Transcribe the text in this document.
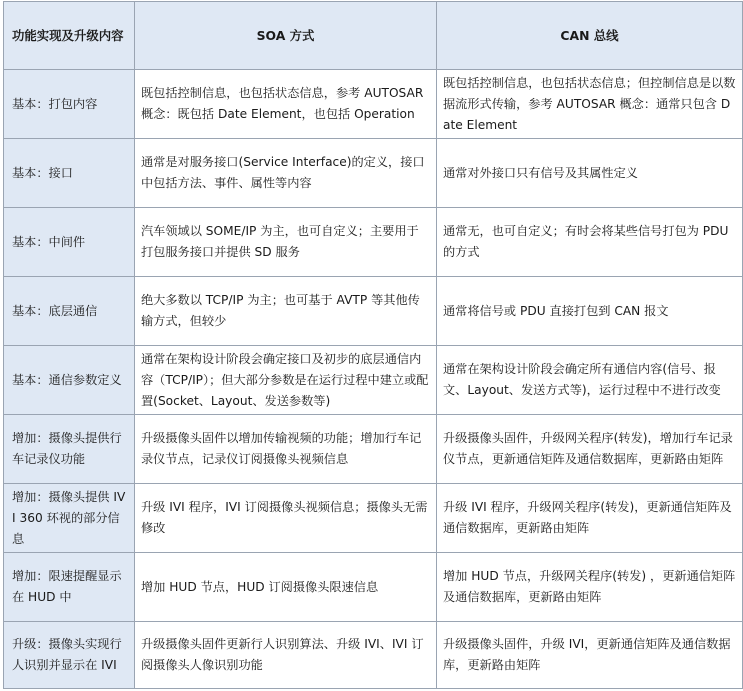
功能实现及升级内容	SOA 方式	CAN 总线
基本：打包内容	既包括控制信息，也包括状态信息，参考 AUTOSAR 概念：既包括 Date Element，也包括 Operation	既包括控制信息，也包括状态信息；但控制信息是以数据流形式传输，参考 AUTOSAR 概念：通常只包含 Date Element
基本：接口	通常是对服务接口(Service Interface)的定义，接口中包括方法、事件、属性等内容	通常对外接口只有信号及其属性定义
基本：中间件	汽车领域以 SOME/IP 为主，也可自定义；主要用于打包服务接口并提供 SD 服务	通常无，也可自定义；有时会将某些信号打包为 PDU 的方式
基本：底层通信	绝大多数以 TCP/IP 为主；也可基于 AVTP 等其他传输方式，但较少	通常将信号或 PDU 直接打包到 CAN 报文
基本：通信参数定义	通常在架构设计阶段会确定接口及初步的底层通信内容（TCP/IP）；但大部分参数是在运行过程中建立或配置(Socket、Layout、发送参数等)	通常在架构设计阶段会确定所有通信内容(信号、报文、Layout、发送方式等)，运行过程中不进行改变
增加：摄像头提供行车记录仪功能	升级摄像头固件以增加传输视频的功能；增加行车记录仪节点，记录仪订阅摄像头视频信息	升级摄像头固件，升级网关程序(转发)，增加行车记录仪节点，更新通信矩阵及通信数据库，更新路由矩阵
增加：摄像头提供 IVI 360 环视的部分信息	升级 IVI 程序，IVI 订阅摄像头视频信息；摄像头无需修改	升级 IVI 程序，升级网关程序(转发)，更新通信矩阵及通信数据库，更新路由矩阵
增加：限速提醒显示在 HUD 中	增加 HUD 节点，HUD 订阅摄像头限速信息	增加 HUD 节点，升级网关程序(转发) ，更新通信矩阵及通信数据库，更新路由矩阵
升级：摄像头实现行人识别并显示在 IVI	升级摄像头固件更新行人识别算法、升级 IVI、IVI 订阅摄像头人像识别功能	升级摄像头固件，升级 IVI，更新通信矩阵及通信数据库，更新路由矩阵
